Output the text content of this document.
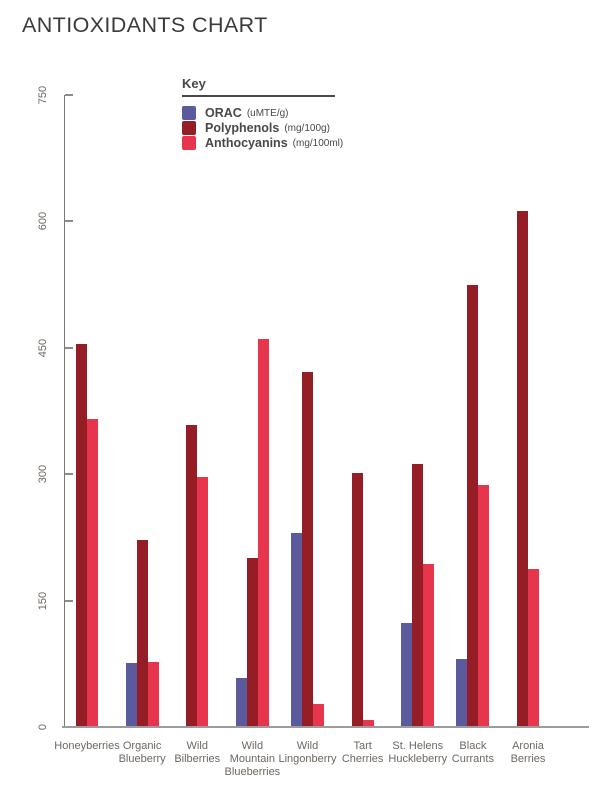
ANTIOXIDANTS CHART
0
150
300
450
600
750
Honeyberries Organic
Blueberry
Wild
Bilberries
Wild
Mountain
Blueberries
Wild
Lingonberry
Tart
Cherries
St. Helens
Huckleberry
Black
Currants
Aronia
Berries
Key
ORAC (uMTE/g)
Polyphenols (mg/100g)
Anthocyanins (mg/100ml)
